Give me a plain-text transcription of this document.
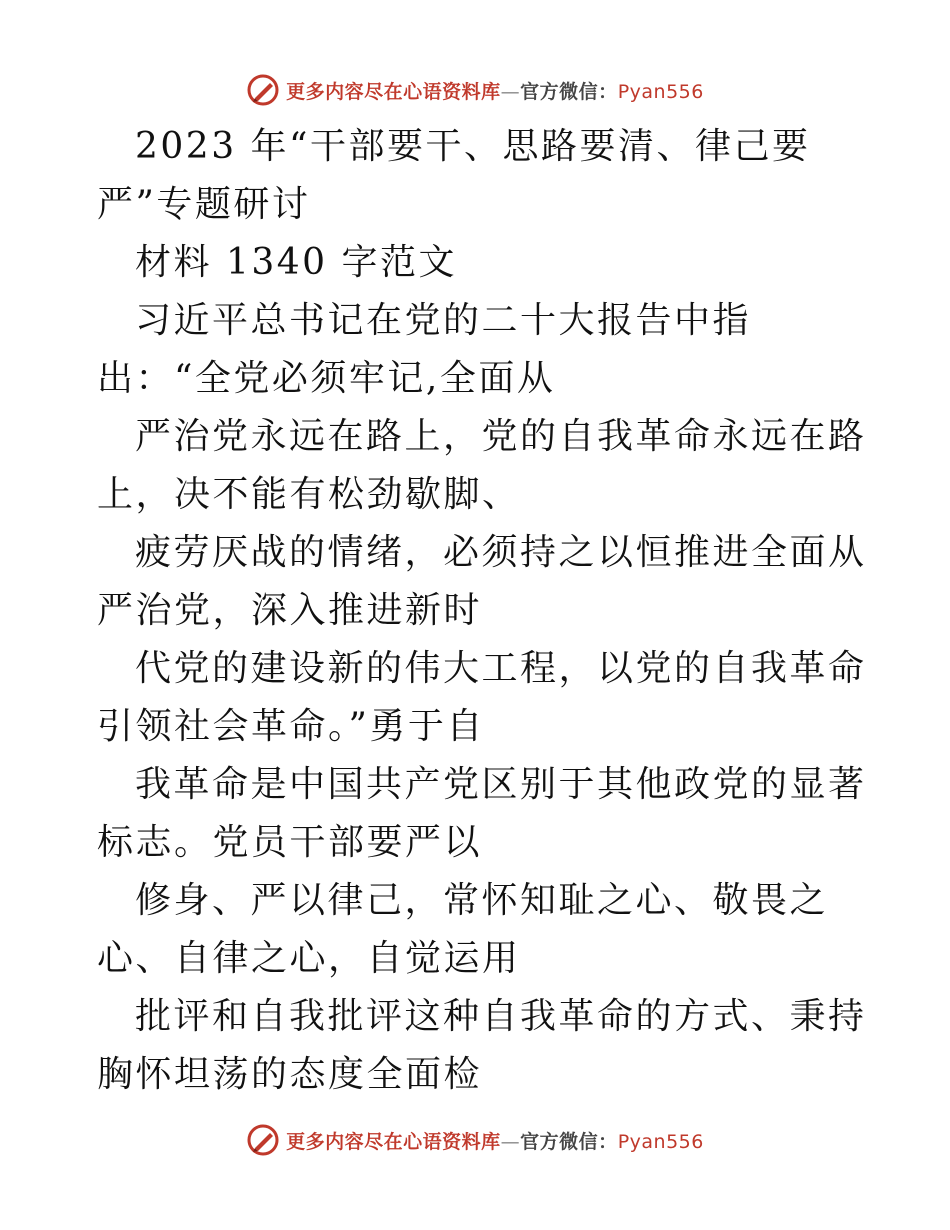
更多内容尽在心语资料库—官方微信：Pyan556

2023 年“干部要干、思路要清、律己要严”专题研讨

材料 1340 字范文

习近平总书记在党的二十大报告中指出：“全党必须牢记,全面从

严治党永远在路上，党的自我革命永远在路上，决不能有松劲歇脚、

疲劳厌战的情绪，必须持之以恒推进全面从严治党，深入推进新时

代党的建设新的伟大工程，以党的自我革命引领社会革命。”勇于自

我革命是中国共产党区别于其他政党的显著标志。党员干部要严以

修身、严以律己，常怀知耻之心、敬畏之心、自律之心，自觉运用

批评和自我批评这种自我革命的方式、秉持胸怀坦荡的态度全面检

更多内容尽在心语资料库—官方微信：Pyan556
